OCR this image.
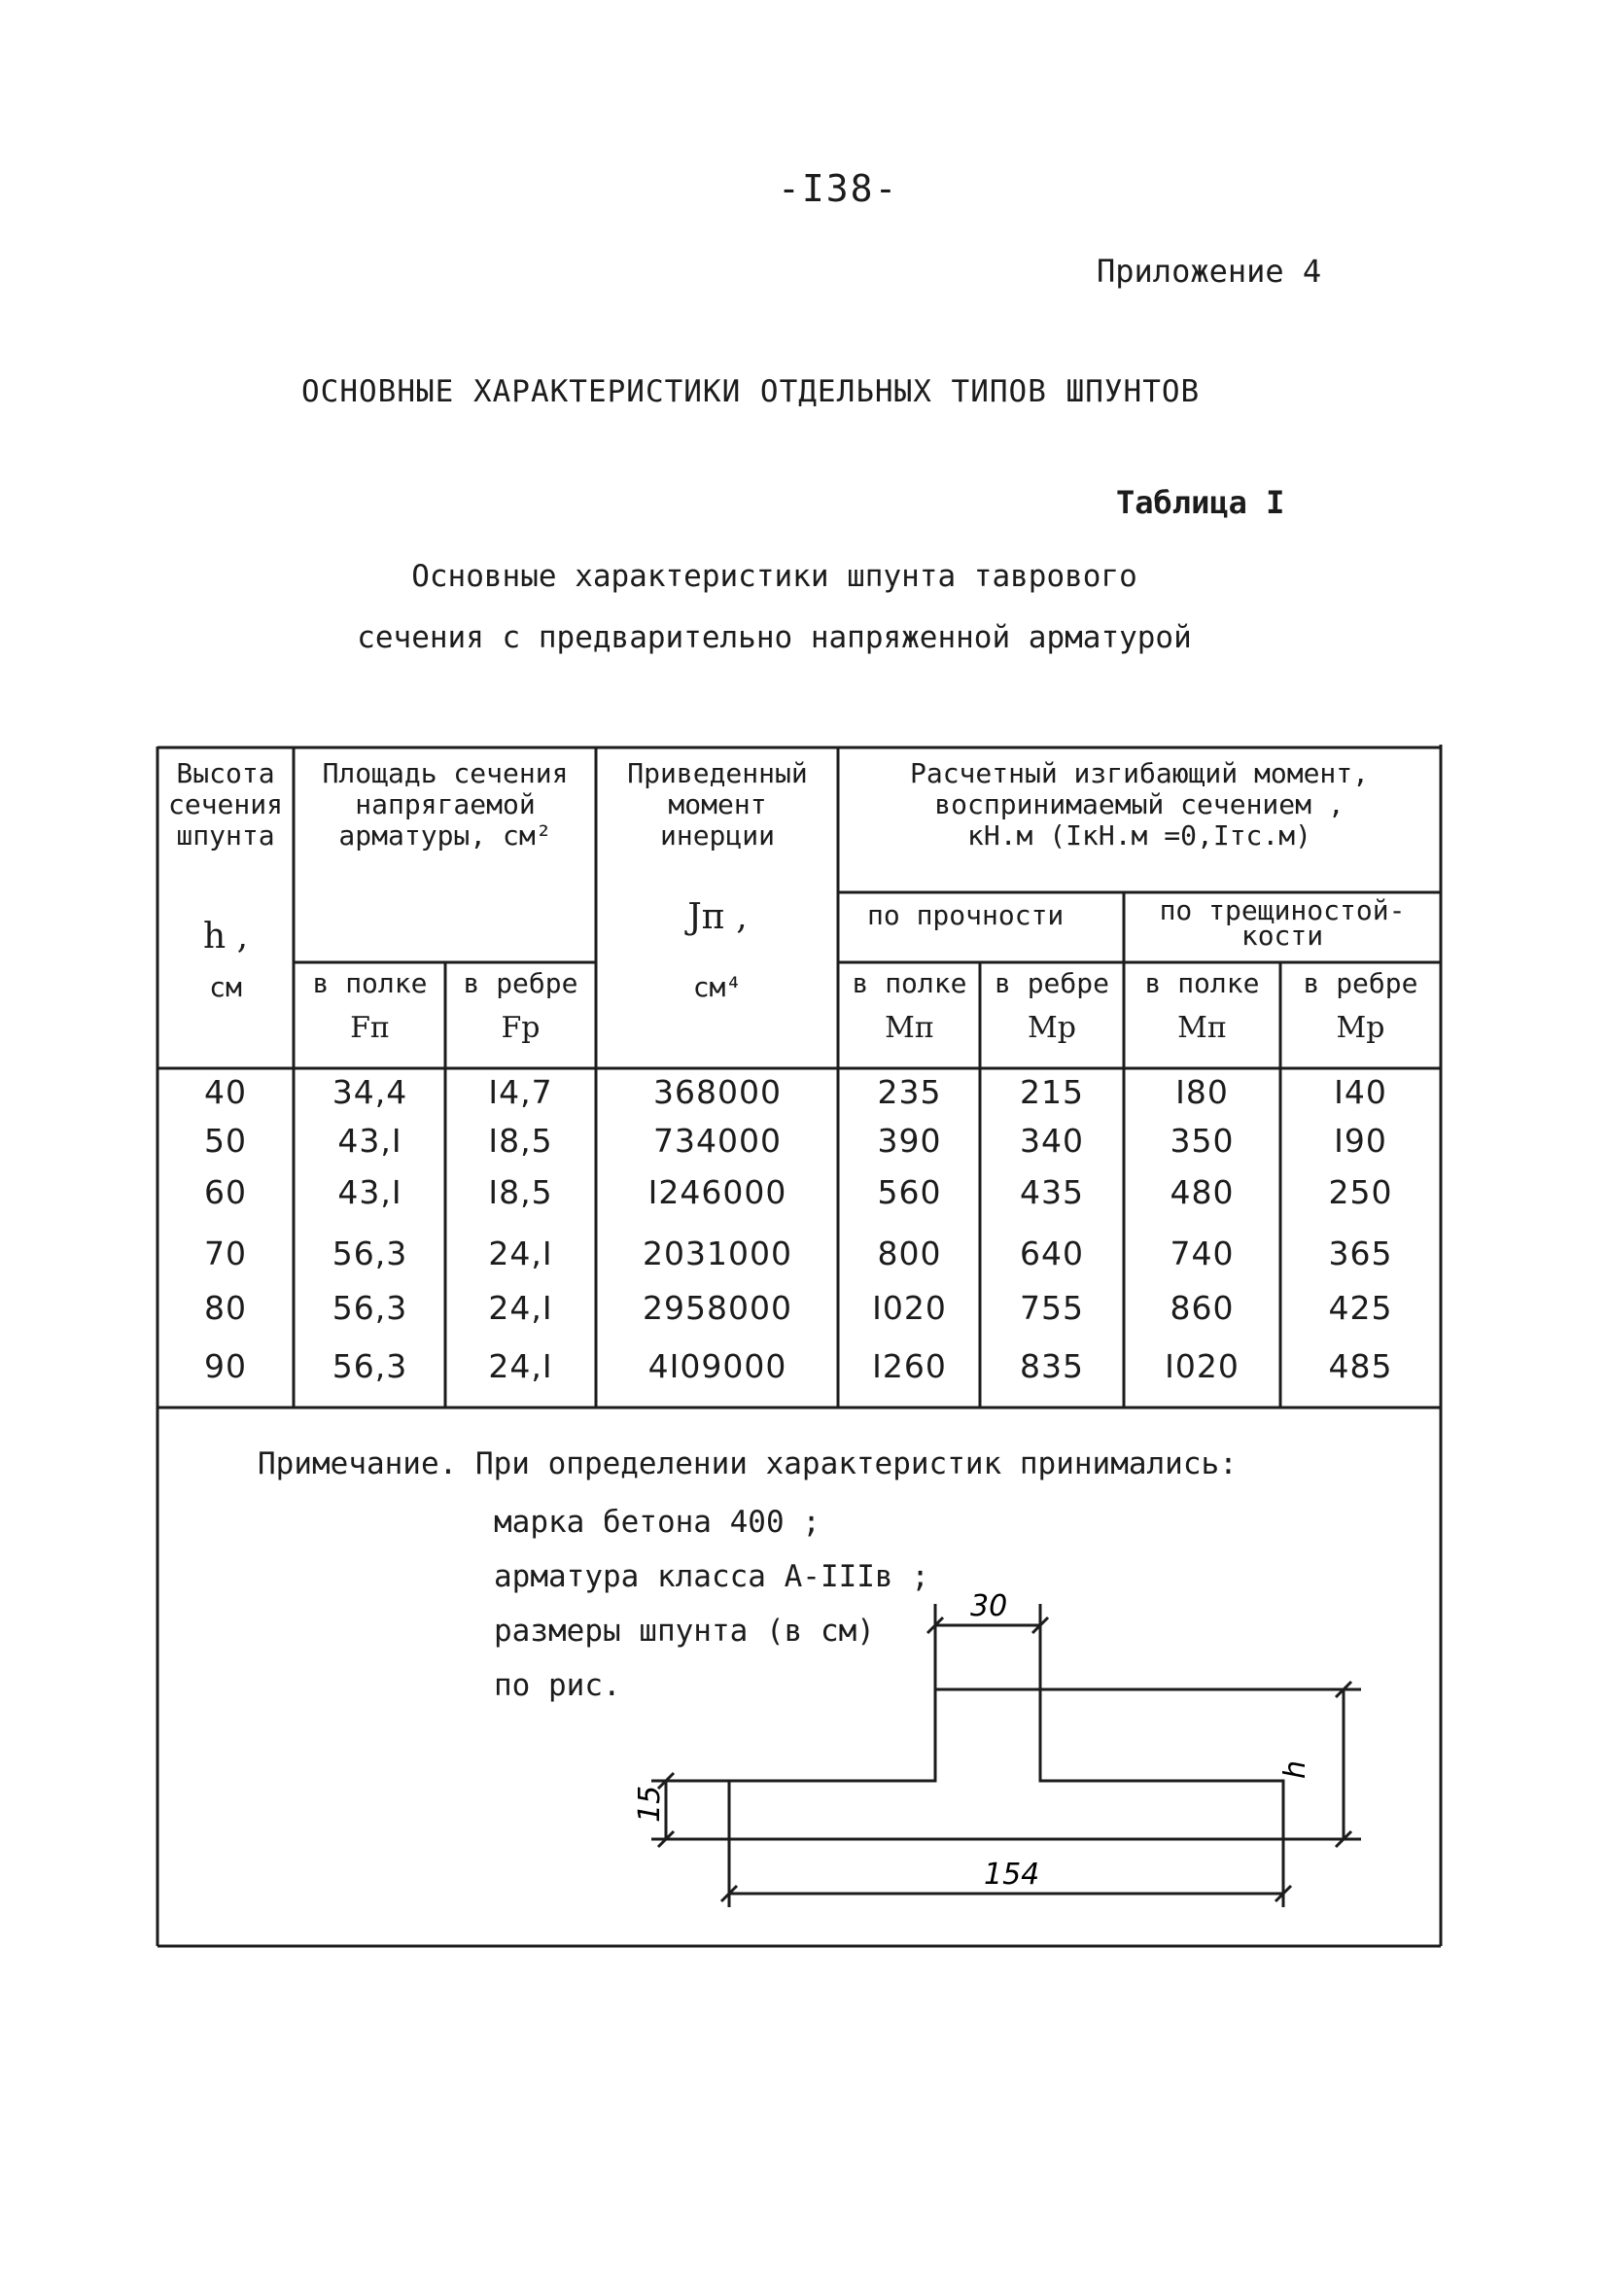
-I38-
Приложение 4
ОСНОВНЫЕ ХАРАКТЕРИСТИКИ ОТДЕЛЬНЫХ ТИПОВ ШПУНТОВ
Таблица I
Основные характеристики шпунта таврового
сечения с предварительно напряженной арматурой
Высота
сечения
шпунта
h ,
см
Площадь сечения
напрягаемой
арматуры, см²
в полке	в ребре
Fп	Fр
Приведенный
момент
инерции
Jп ,
см⁴
Расчетный изгибающий момент,
воспринимаемый сечением ,
кН.м (IкН.м =0,Iтс.м)
по прочности	по трещиностой-
кости
в полке	в ребре	в полке	в ребре
Mп	Mр	Mп	Mр
40	34,4	I4,7	368000	235	215	I80	I40
50	43,I	I8,5	734000	390	340	350	I90
60	43,I	I8,5	I246000	560	435	480	250
70	56,3	24,I	2031000	800	640	740	365
80	56,3	24,I	2958000	I020	755	860	425
90	56,3	24,I	4I09000	I260	835	I020	485
Примечание. При определении характеристик принимались:
марка бетона 400 ;
арматура класса А-IIIв ;
размеры шпунта (в см)
по рис.
30
15
h
154
